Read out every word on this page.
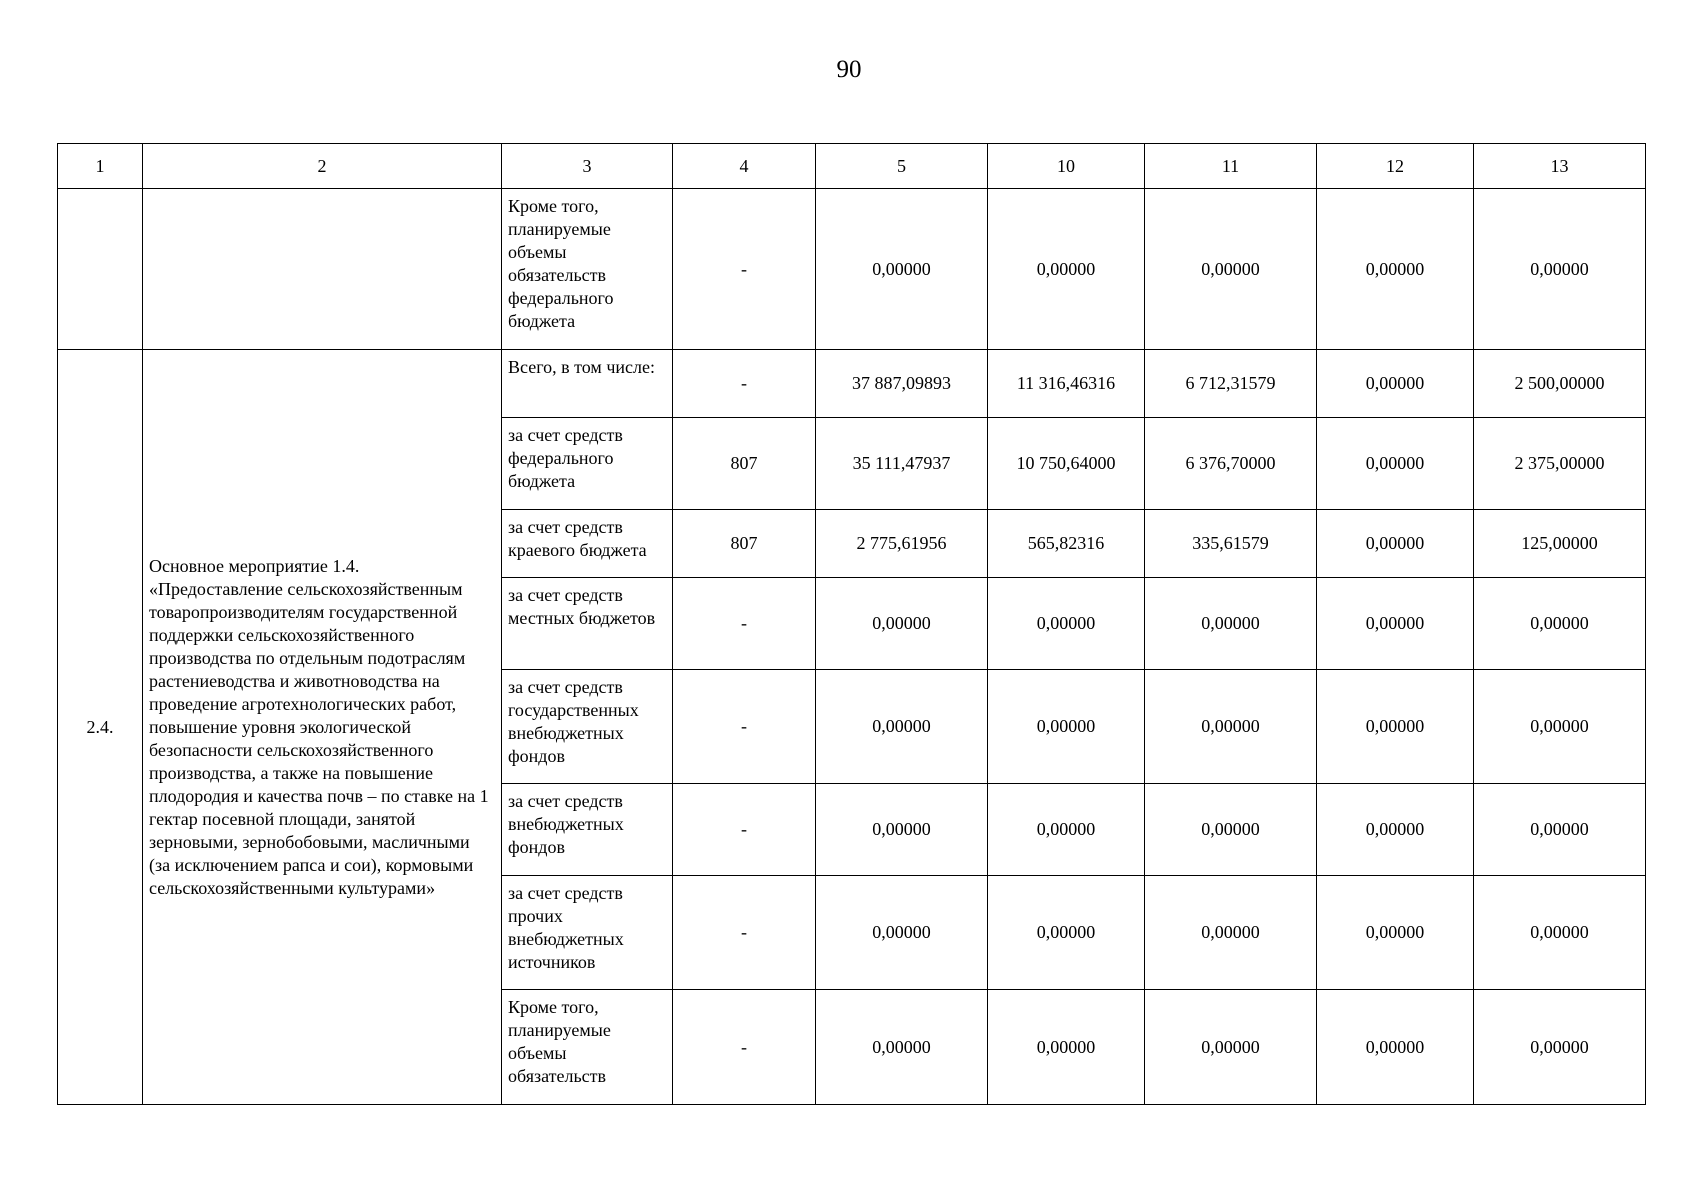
90
1	2	3	4	5	10	11	12	13
		Кроме того, планируемые объемы обязательств федерального бюджета	-	0,00000	0,00000	0,00000	0,00000	0,00000
2.4.	Основное мероприятие 1.4. «Предоставление сельскохозяйственным товаропроизводителям государственной поддержки сельскохозяйственного производства по отдельным подотраслям растениеводства и животноводства на проведение агротехнологических работ, повышение уровня экологической безопасности сельскохозяйственного производства, а также на повышение плодородия и качества почв – по ставке на 1 гектар посевной площади, занятой зерновыми, зернобобовыми, масличными (за исключением рапса и сои), кормовыми сельскохозяйственными культурами»	Всего, в том числе:	-	37 887,09893	11 316,46316	6 712,31579	0,00000	2 500,00000
		за счет средств федерального бюджета	807	35 111,47937	10 750,64000	6 376,70000	0,00000	2 375,00000
		за счет средств краевого бюджета	807	2 775,61956	565,82316	335,61579	0,00000	125,00000
		за счет средств местных бюджетов	-	0,00000	0,00000	0,00000	0,00000	0,00000
		за счет средств государственных внебюджетных фондов	-	0,00000	0,00000	0,00000	0,00000	0,00000
		за счет средств внебюджетных фондов	-	0,00000	0,00000	0,00000	0,00000	0,00000
		за счет средств прочих внебюджетных источников	-	0,00000	0,00000	0,00000	0,00000	0,00000
		Кроме того, планируемые объемы обязательств	-	0,00000	0,00000	0,00000	0,00000	0,00000
